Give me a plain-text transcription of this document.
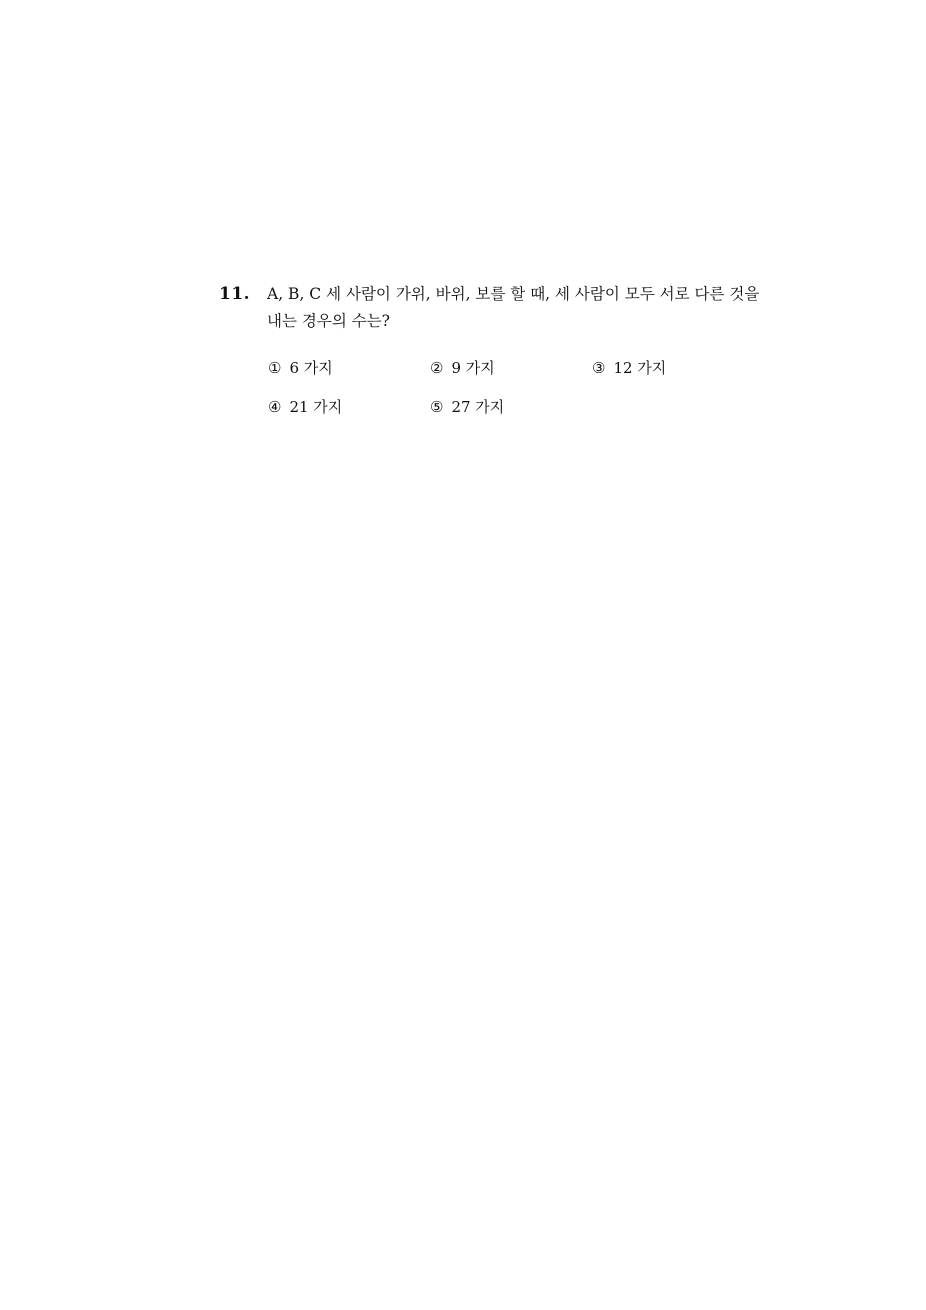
11. A, B, C 세 사람이 가위, 바위, 보를 할 때, 세 사람이 모두 서로 다른 것을
내는 경우의 수는?
① 6 가지	② 9 가지	③ 12 가지
④ 21 가지	⑤ 27 가지
